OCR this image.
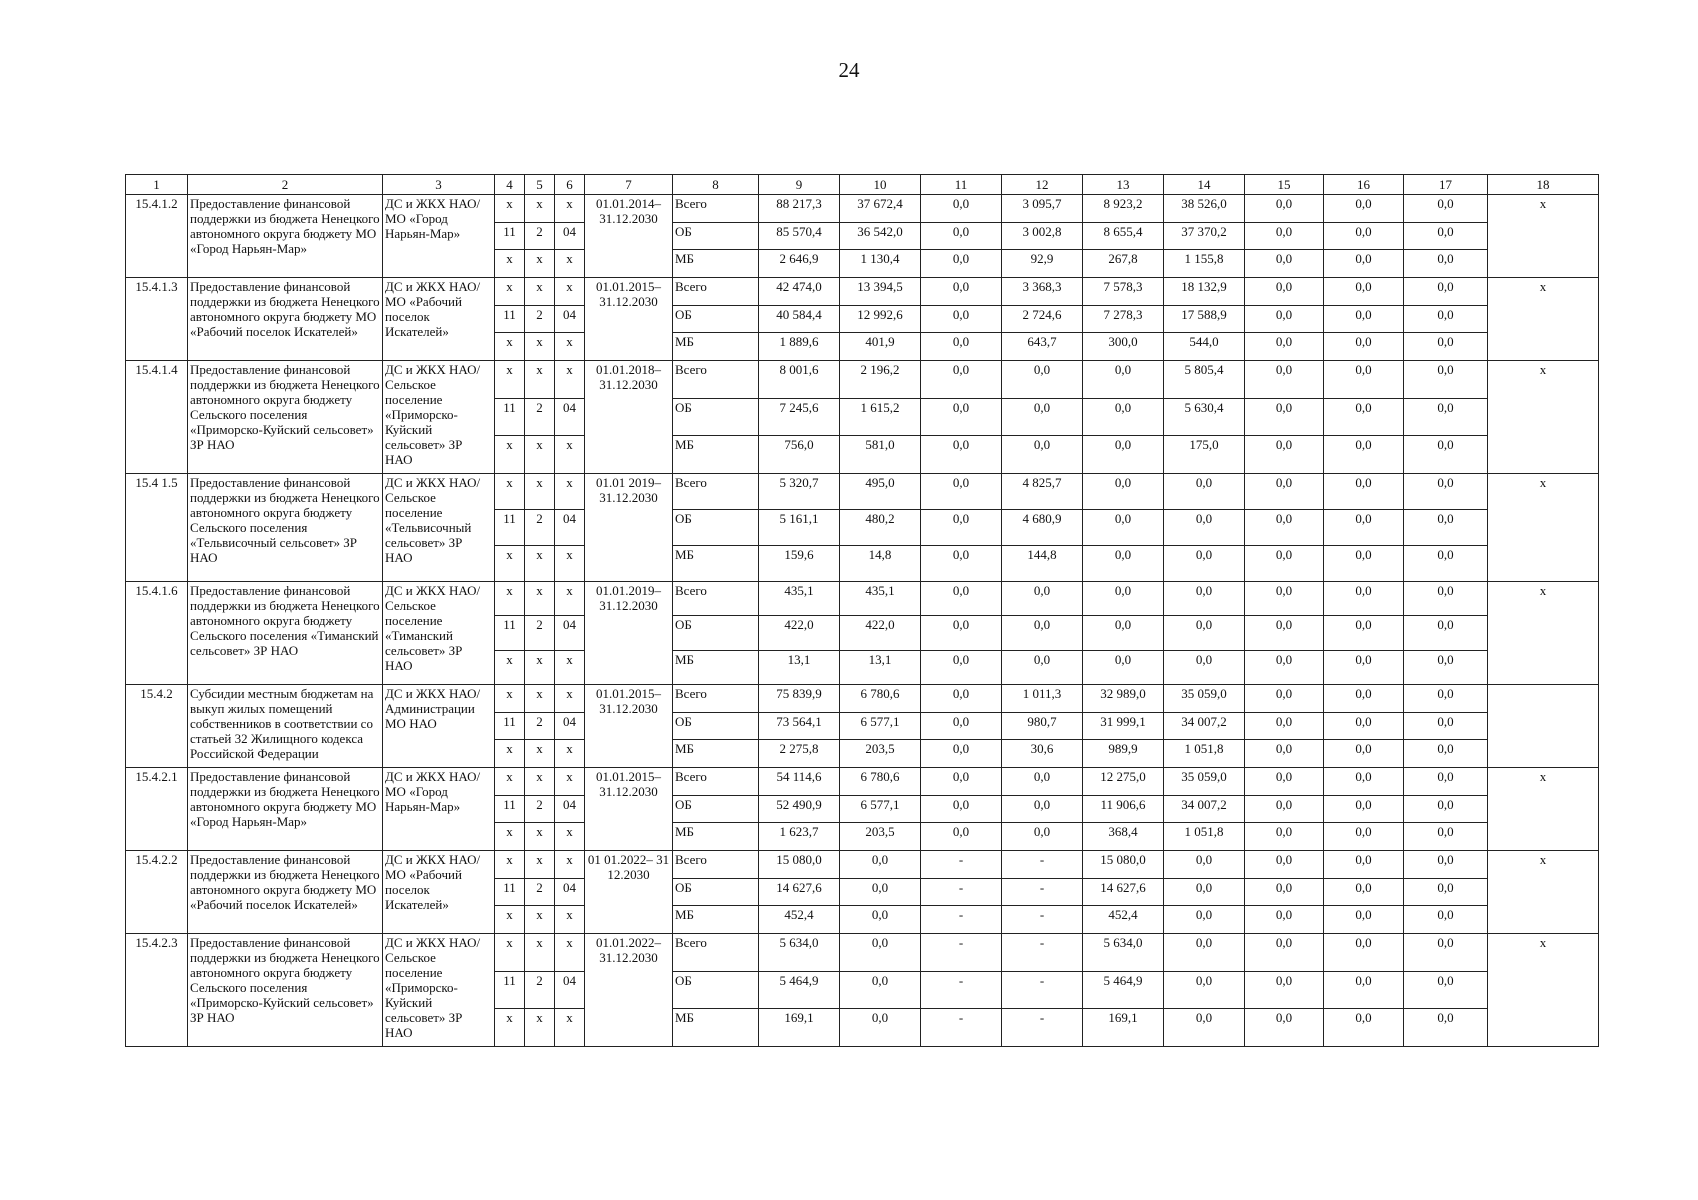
24
1	2	3	4	5	6	7	8	9	10	11	12	13	14	15	16	17	18
15.4.1.2	Предоставление финансовой поддержки из бюджета Ненецкого автономного округа бюджету МО «Город Нарьян-Мар»	ДС и ЖКХ НАО/ МО «Город Нарьян-Мар»	x	x	x	01.01.2014– 31.12.2030	Всего	88 217,3	37 672,4	0,0	3 095,7	8 923,2	38 526,0	0,0	0,0	0,0	x
			11	2	04		ОБ	85 570,4	36 542,0	0,0	3 002,8	8 655,4	37 370,2	0,0	0,0	0,0	
			x	x	x		МБ	2 646,9	1 130,4	0,0	92,9	267,8	1 155,8	0,0	0,0	0,0	
15.4.1.3	Предоставление финансовой поддержки из бюджета Ненецкого автономного округа бюджету МО «Рабочий поселок Искателей»	ДС и ЖКХ НАО/ МО «Рабочий поселок Искателей»	x	x	x	01.01.2015– 31.12.2030	Всего	42 474,0	13 394,5	0,0	3 368,3	7 578,3	18 132,9	0,0	0,0	0,0	x
			11	2	04		ОБ	40 584,4	12 992,6	0,0	2 724,6	7 278,3	17 588,9	0,0	0,0	0,0	
			x	x	x		МБ	1 889,6	401,9	0,0	643,7	300,0	544,0	0,0	0,0	0,0	
15.4.1.4	Предоставление финансовой поддержки из бюджета Ненецкого автономного округа бюджету Сельского поселения «Приморско-Куйский сельсовет» ЗР НАО	ДС и ЖКХ НАО/ Сельское поселение «Приморско-Куйский сельсовет» ЗР НАО	x	x	x	01.01.2018– 31.12.2030	Всего	8 001,6	2 196,2	0,0	0,0	0,0	5 805,4	0,0	0,0	0,0	x
			11	2	04		ОБ	7 245,6	1 615,2	0,0	0,0	0,0	5 630,4	0,0	0,0	0,0	
			x	x	x		МБ	756,0	581,0	0,0	0,0	0,0	175,0	0,0	0,0	0,0	
15.4 1.5	Предоставление финансовой поддержки из бюджета Ненецкого автономного округа бюджету Сельского поселения «Тельвисочный сельсовет» ЗР НАО	ДС и ЖКХ НАО/ Сельское поселение «Тельвисочный сельсовет» ЗР НАО	x	x	x	01.01 2019– 31.12.2030	Всего	5 320,7	495,0	0,0	4 825,7	0,0	0,0	0,0	0,0	0,0	x
			11	2	04		ОБ	5 161,1	480,2	0,0	4 680,9	0,0	0,0	0,0	0,0	0,0	
			x	x	x		МБ	159,6	14,8	0,0	144,8	0,0	0,0	0,0	0,0	0,0	
15.4.1.6	Предоставление финансовой поддержки из бюджета Ненецкого автономного округа бюджету Сельского поселения «Тиманский сельсовет» ЗР НАО	ДС и ЖКХ НАО/ Сельское поселение «Тиманский сельсовет» ЗР НАО	x	x	x	01.01.2019– 31.12.2030	Всего	435,1	435,1	0,0	0,0	0,0	0,0	0,0	0,0	0,0	x
			11	2	04		ОБ	422,0	422,0	0,0	0,0	0,0	0,0	0,0	0,0	0,0	
			x	x	x		МБ	13,1	13,1	0,0	0,0	0,0	0,0	0,0	0,0	0,0	
15.4.2	Субсидии местным бюджетам на выкуп жилых помещений собственников в соответствии со статьей 32 Жилищного кодекса Российской Федерации	ДС и ЖКХ НАО/ Администрации МО НАО	x	x	x	01.01.2015– 31.12.2030	Всего	75 839,9	6 780,6	0,0	1 011,3	32 989,0	35 059,0	0,0	0,0	0,0	
			11	2	04		ОБ	73 564,1	6 577,1	0,0	980,7	31 999,1	34 007,2	0,0	0,0	0,0	
			x	x	x		МБ	2 275,8	203,5	0,0	30,6	989,9	1 051,8	0,0	0,0	0,0	
15.4.2.1	Предоставление финансовой поддержки из бюджета Ненецкого автономного округа бюджету МО «Город Нарьян-Мар»	ДС и ЖКХ НАО/ МО «Город Нарьян-Мар»	x	x	x	01.01.2015– 31.12.2030	Всего	54 114,6	6 780,6	0,0	0,0	12 275,0	35 059,0	0,0	0,0	0,0	x
			11	2	04		ОБ	52 490,9	6 577,1	0,0	0,0	11 906,6	34 007,2	0,0	0,0	0,0	
			x	x	x		МБ	1 623,7	203,5	0,0	0,0	368,4	1 051,8	0,0	0,0	0,0	
15.4.2.2	Предоставление финансовой поддержки из бюджета Ненецкого автономного округа бюджету МО «Рабочий поселок Искателей»	ДС и ЖКХ НАО/ МО «Рабочий поселок Искателей»	x	x	x	01 01.2022– 31 12.2030	Всего	15 080,0	0,0	-	-	15 080,0	0,0	0,0	0,0	0,0	x
			11	2	04		ОБ	14 627,6	0,0	-	-	14 627,6	0,0	0,0	0,0	0,0	
			x	x	x		МБ	452,4	0,0	-	-	452,4	0,0	0,0	0,0	0,0	
15.4.2.3	Предоставление финансовой поддержки из бюджета Ненецкого автономного округа бюджету Сельского поселения «Приморско-Куйский сельсовет» ЗР НАО	ДС и ЖКХ НАО/ Сельское поселение «Приморско-Куйский сельсовет» ЗР НАО	x	x	x	01.01.2022– 31.12.2030	Всего	5 634,0	0,0	-	-	5 634,0	0,0	0,0	0,0	0,0	x
			11	2	04		ОБ	5 464,9	0,0	-	-	5 464,9	0,0	0,0	0,0	0,0	
			x	x	x		МБ	169,1	0,0	-	-	169,1	0,0	0,0	0,0	0,0	
